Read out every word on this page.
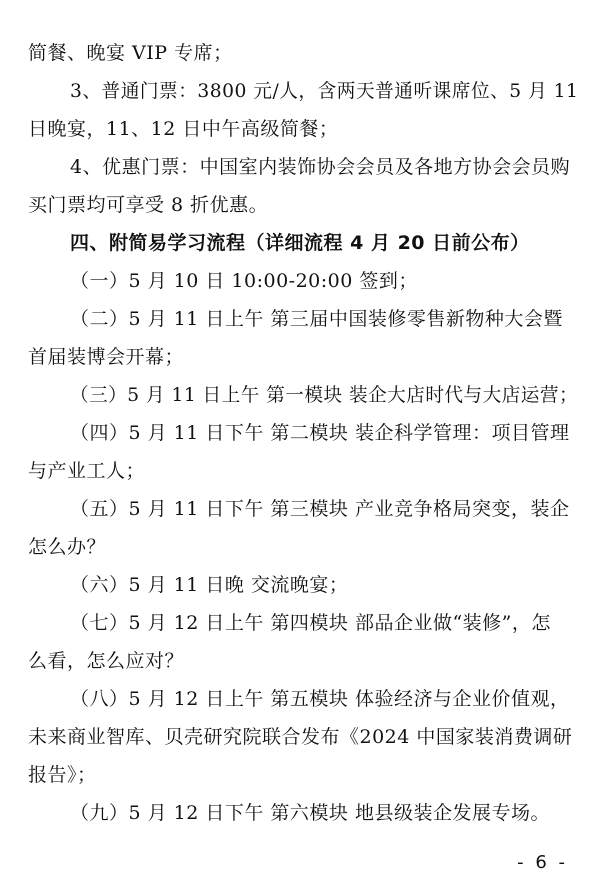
简餐、晚宴 VIP 专席；
3、普通门票：3800 元/人，含两天普通听课席位、5 月 11
日晚宴，11、12 日中午高级简餐；
4、优惠门票：中国室内装饰协会会员及各地方协会会员购
买门票均可享受 8 折优惠。
四、附简易学习流程（详细流程 4 月 20 日前公布）
（一）5 月 10 日 10:00-20:00 签到；
（二）5 月 11 日上午 第三届中国装修零售新物种大会暨
首届装博会开幕；
（三）5 月 11 日上午 第一模块 装企大店时代与大店运营；
（四）5 月 11 日下午 第二模块 装企科学管理：项目管理
与产业工人；
（五）5 月 11 日下午 第三模块 产业竞争格局突变，装企
怎么办？
（六）5 月 11 日晚 交流晚宴；
（七）5 月 12 日上午 第四模块 部品企业做“装修”，怎
么看，怎么应对？
（八）5 月 12 日上午 第五模块 体验经济与企业价值观，
未来商业智库、贝壳研究院联合发布《2024 中国家装消费调研
报告》；
（九）5 月 12 日下午 第六模块 地县级装企发展专场。
- 6 -
